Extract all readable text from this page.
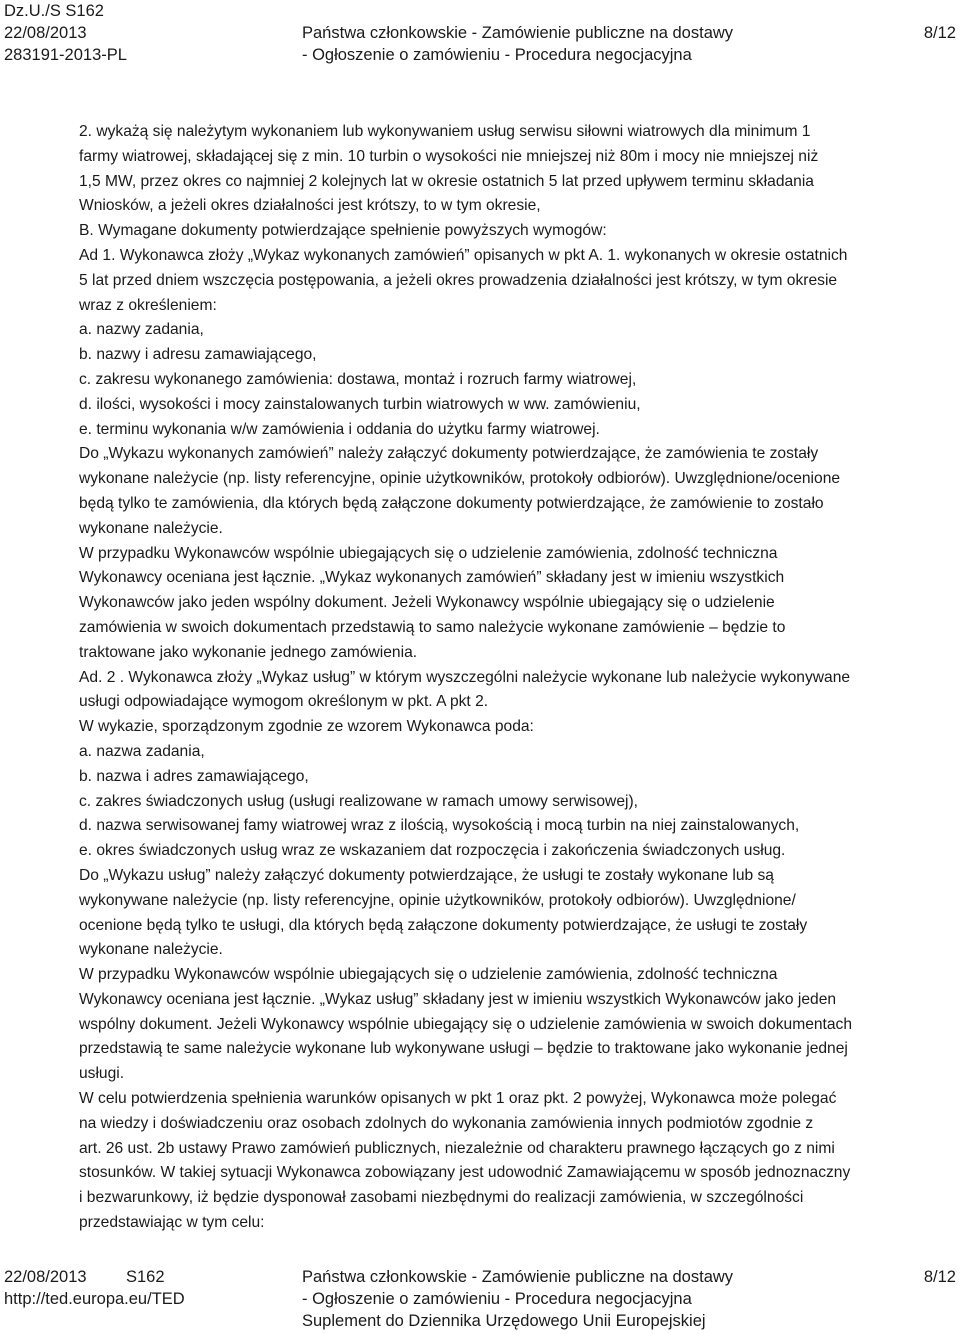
Dz.U./S S162
22/08/2013
283191-2013-PL
Państwa członkowskie - Zamówienie publiczne na dostawy
- Ogłoszenie o zamówieniu - Procedura negocjacyjna
8/12
2. wykażą się należytym wykonaniem lub wykonywaniem usług serwisu siłowni wiatrowych dla minimum 1
farmy wiatrowej, składającej się z min. 10 turbin o wysokości nie mniejszej niż 80m i mocy nie mniejszej niż
1,5 MW, przez okres co najmniej 2 kolejnych lat w okresie ostatnich 5 lat przed upływem terminu składania
Wniosków, a jeżeli okres działalności jest krótszy, to w tym okresie,
B. Wymagane dokumenty potwierdzające spełnienie powyższych wymogów:
Ad 1. Wykonawca złoży „Wykaz wykonanych zamówień” opisanych w pkt A. 1. wykonanych w okresie ostatnich
5 lat przed dniem wszczęcia postępowania, a jeżeli okres prowadzenia działalności jest krótszy, w tym okresie
wraz z określeniem:
a. nazwy zadania,
b. nazwy i adresu zamawiającego,
c. zakresu wykonanego zamówienia: dostawa, montaż i rozruch farmy wiatrowej,
d. ilości, wysokości i mocy zainstalowanych turbin wiatrowych w ww. zamówieniu,
e. terminu wykonania w/w zamówienia i oddania do użytku farmy wiatrowej.
Do „Wykazu wykonanych zamówień” należy załączyć dokumenty potwierdzające, że zamówienia te zostały
wykonane należycie (np. listy referencyjne, opinie użytkowników, protokoły odbiorów). Uwzględnione/ocenione
będą tylko te zamówienia, dla których będą załączone dokumenty potwierdzające, że zamówienie to zostało
wykonane należycie.
W przypadku Wykonawców wspólnie ubiegających się o udzielenie zamówienia, zdolność techniczna
Wykonawcy oceniana jest łącznie. „Wykaz wykonanych zamówień” składany jest w imieniu wszystkich
Wykonawców jako jeden wspólny dokument. Jeżeli Wykonawcy wspólnie ubiegający się o udzielenie
zamówienia w swoich dokumentach przedstawią to samo należycie wykonane zamówienie – będzie to
traktowane jako wykonanie jednego zamówienia.
Ad. 2 . Wykonawca złoży „Wykaz usług” w którym wyszczególni należycie wykonane lub należycie wykonywane
usługi odpowiadające wymogom określonym w pkt. A pkt 2.
W wykazie, sporządzonym zgodnie ze wzorem Wykonawca poda:
a. nazwa zadania,
b. nazwa i adres zamawiającego,
c. zakres świadczonych usług (usługi realizowane w ramach umowy serwisowej),
d. nazwa serwisowanej famy wiatrowej wraz z ilością, wysokością i mocą turbin na niej zainstalowanych,
e. okres świadczonych usług wraz ze wskazaniem dat rozpoczęcia i zakończenia świadczonych usług.
Do „Wykazu usług” należy załączyć dokumenty potwierdzające, że usługi te zostały wykonane lub są
wykonywane należycie (np. listy referencyjne, opinie użytkowników, protokoły odbiorów). Uwzględnione/
ocenione będą tylko te usługi, dla których będą załączone dokumenty potwierdzające, że usługi te zostały
wykonane należycie.
W przypadku Wykonawców wspólnie ubiegających się o udzielenie zamówienia, zdolność techniczna
Wykonawcy oceniana jest łącznie. „Wykaz usług” składany jest w imieniu wszystkich Wykonawców jako jeden
wspólny dokument. Jeżeli Wykonawcy wspólnie ubiegający się o udzielenie zamówienia w swoich dokumentach
przedstawią te same należycie wykonane lub wykonywane usługi – będzie to traktowane jako wykonanie jednej
usługi.
W celu potwierdzenia spełnienia warunków opisanych w pkt 1 oraz pkt. 2 powyżej, Wykonawca może polegać
na wiedzy i doświadczeniu oraz osobach zdolnych do wykonania zamówienia innych podmiotów zgodnie z
art. 26 ust. 2b ustawy Prawo zamówień publicznych, niezależnie od charakteru prawnego łączących go z nimi
stosunków. W takiej sytuacji Wykonawca zobowiązany jest udowodnić Zamawiającemu w sposób jednoznaczny
i bezwarunkowy, iż będzie dysponował zasobami niezbędnymi do realizacji zamówienia, w szczególności
przedstawiając w tym celu:
22/08/2013 S162
http://ted.europa.eu/TED
Państwa członkowskie - Zamówienie publiczne na dostawy
- Ogłoszenie o zamówieniu - Procedura negocjacyjna
Suplement do Dziennika Urzędowego Unii Europejskiej
8/12
